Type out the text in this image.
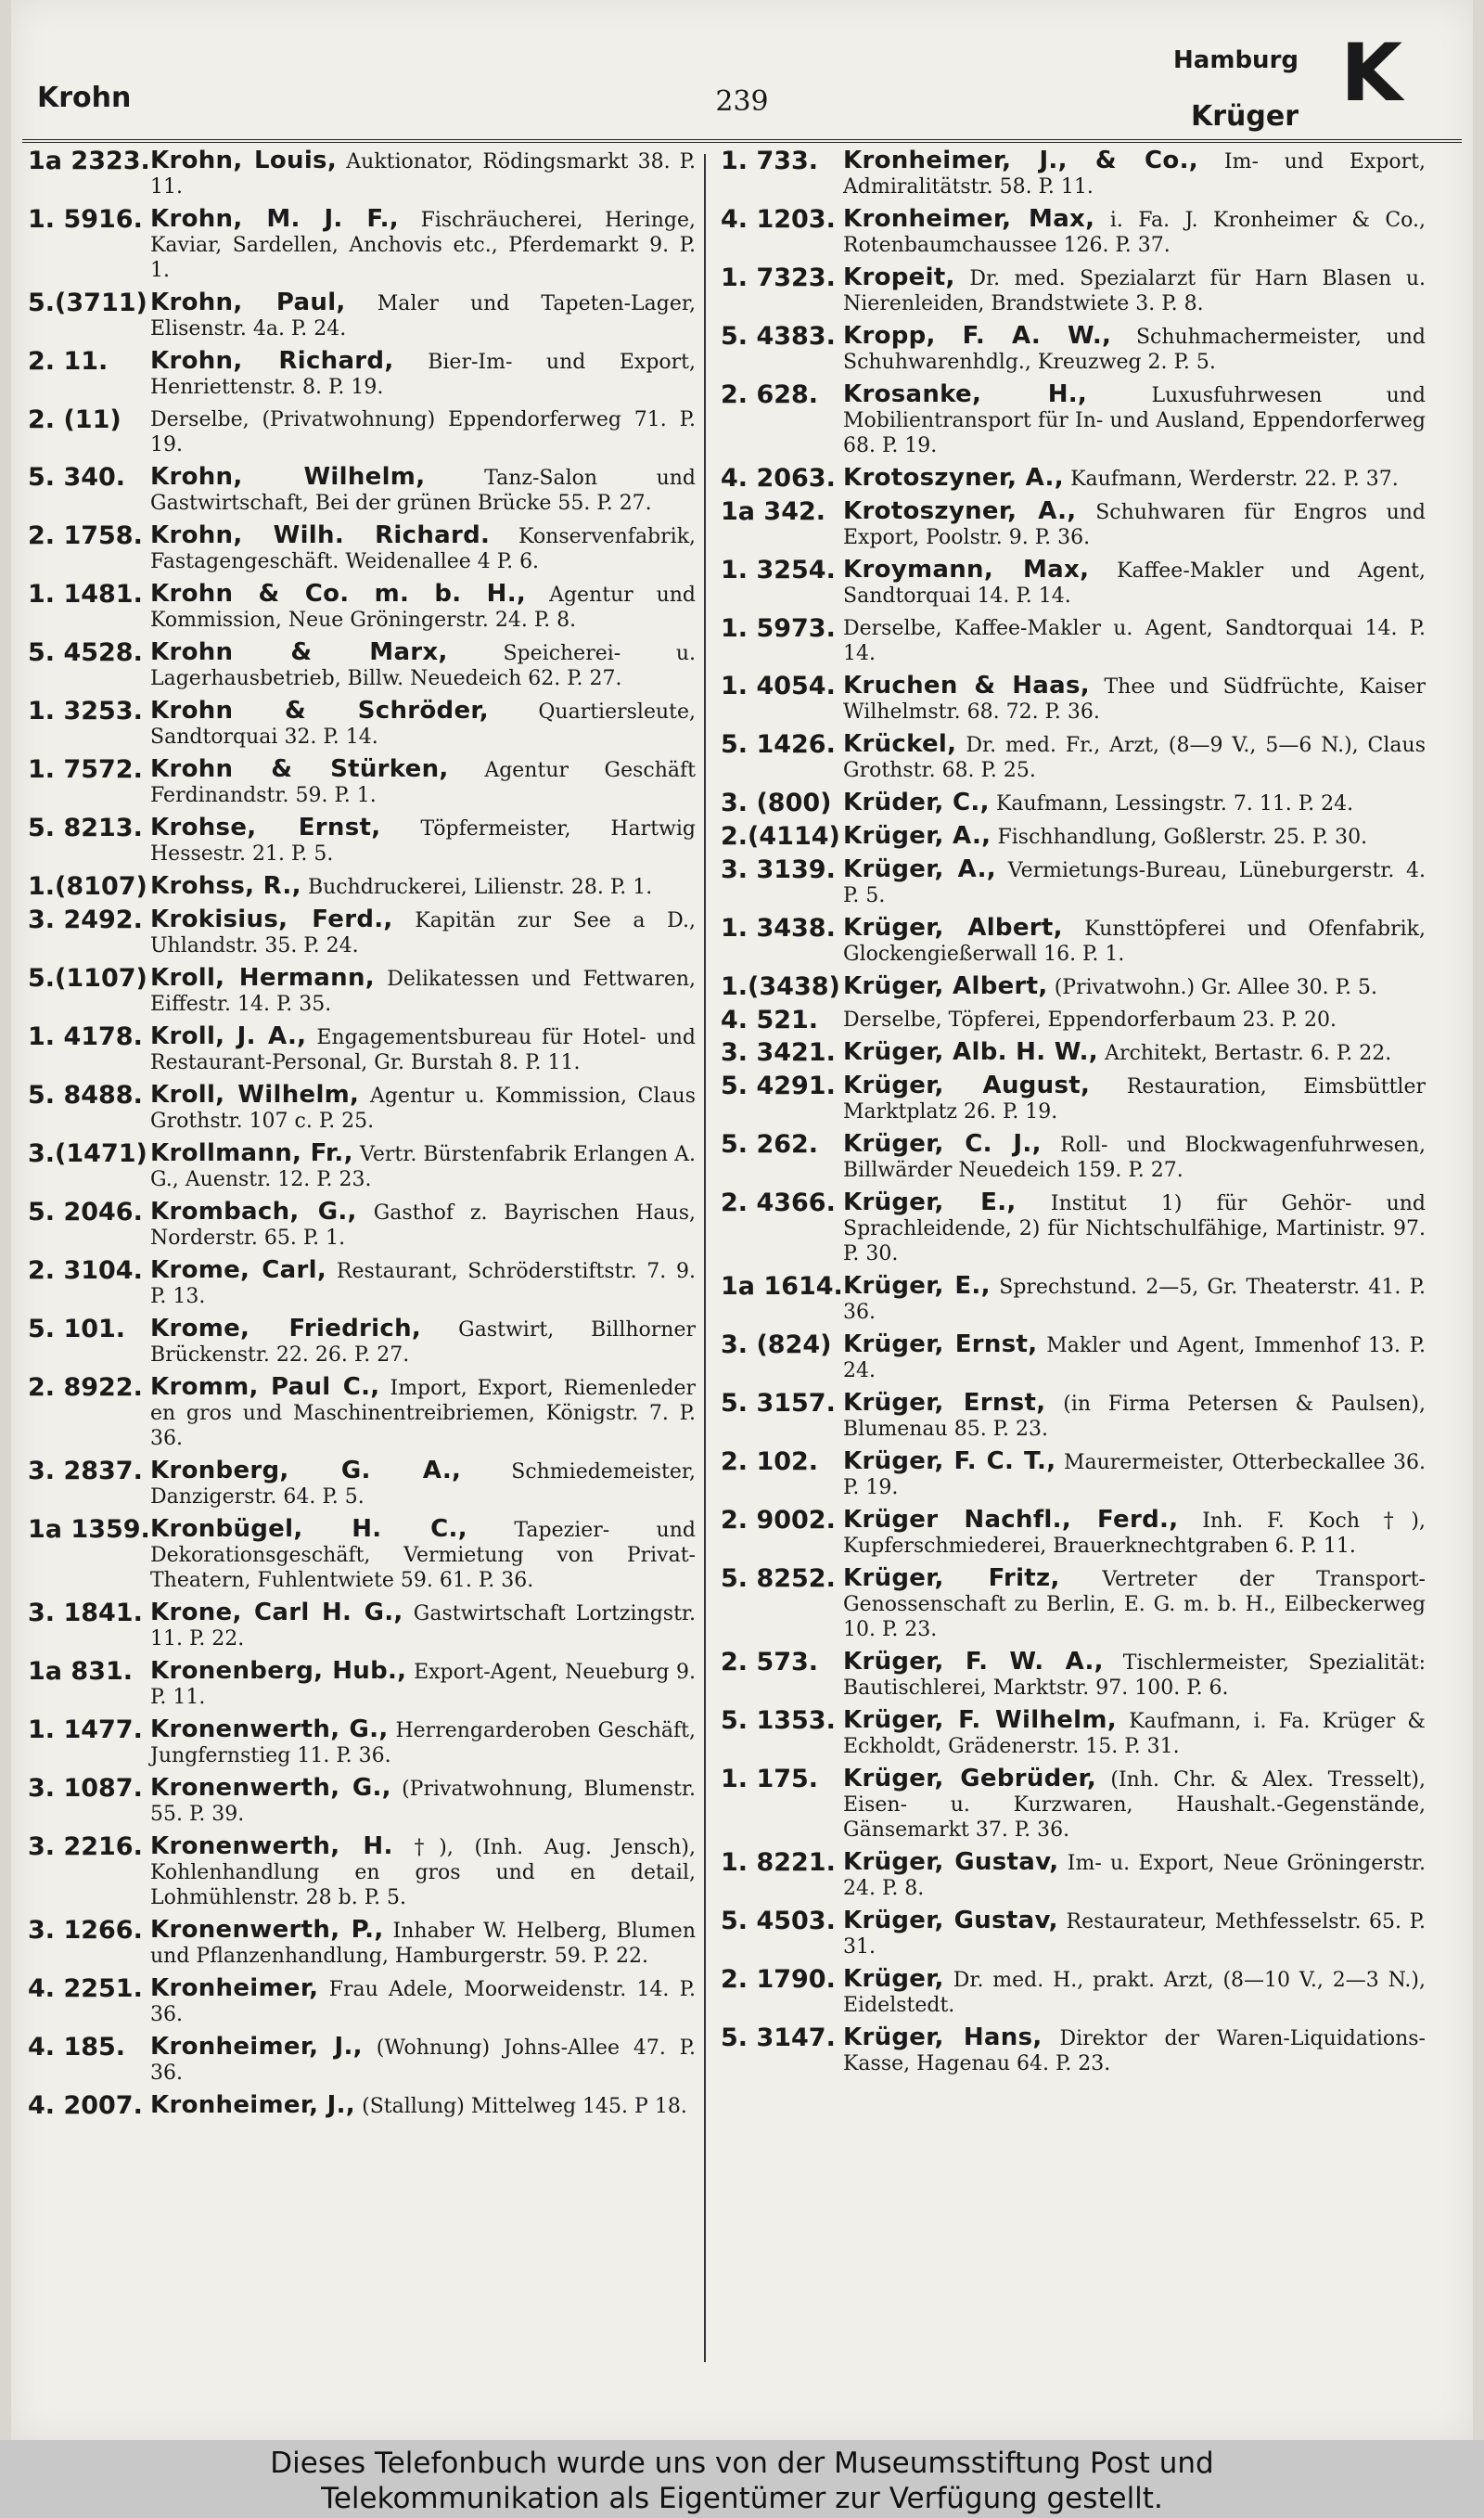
Krohn	239
Hamburg
Krüger K
1a 2323. Krohn, Louis, Auktionator, Rödingsmarkt 38. P. 11.
1. 5916. Krohn, M. J. F., Fischräucherei, Heringe, Kaviar, Sardellen, Anchovis etc., Pferdemarkt 9. P. 1.
5.(3711) Krohn, Paul, Maler und Tapeten-Lager, Elisenstr. 4a. P. 24.
2. 11.	Krohn, Richard, Bier-Im- und Export, Henriettenstr. 8. P. 19.
2. (11)	Derselbe, (Privatwohnung) Eppendorferweg 71. P. 19.
5. 340.	Krohn, Wilhelm,	Tanz-Salon und Gastwirtschaft, Bei der grünen Brücke 55. P. 27.
2. 1758. Krohn, Wilh. Richard. Konservenfabrik, Fastagengeschäft. Weidenallee 4 P. 6.
1. 1481. Krohn & Co. m. b. H., Agentur und Kommission, Neue Gröningerstr. 24. P. 8.
5. 4528. Krohn & Marx,	Speicherei- u. Lagerhausbetrieb, Billw. Neuedeich 62. P. 27.
1. 3253. Krohn & Schröder, Quartiersleute, Sandtorquai 32. P. 14.
1. 7572. Krohn & Stürken, Agentur Geschäft Ferdinandstr. 59. P. 1.
5. 8213. Krohse, Ernst, Töpfermeister, Hartwig Hessestr. 21. P. 5.
1.(8107) Krohss, R., Buchdruckerei, Lilienstr. 28. P. 1.
3. 2492. Krokisius, Ferd., Kapitän zur See a D., Uhlandstr. 35. P. 24.
5.(1107) Kroll, Hermann, Delikatessen und Fettwaren, Eiffestr. 14. P. 35.
1. 4178. Kroll, J. A., Engagementsbureau für Hotel- und Restaurant-Personal, Gr. Burstah 8. P. 11.
5. 8488. Kroll, Wilhelm, Agentur u. Kommission, Claus Grothstr. 107 c. P. 25.
3.(1471) Krollmann, Fr., Vertr. Bürstenfabrik Erlangen A. G., Auenstr. 12. P. 23.
5. 2046. Krombach, G., Gasthof z. Bayrischen Haus, Norderstr. 65. P. 1.
2. 3104. Krome, Carl, Restaurant, Schröderstiftstr. 7. 9. P. 13.
5. 101.	Krome, Friedrich, Gastwirt, Billhorner Brückenstr. 22. 26. P. 27.
2. 8922. Kromm, Paul C., Import, Export, Riemenleder en gros und Maschinentreibriemen, Königstr. 7. P. 36.
3. 2837. Kronberg, G. A., Schmiedemeister, Danzigerstr. 64. P. 5.
1a 1359. Kronbügel, H. C., Tapezier- und Dekorationsgeschäft, Vermietung von Privat-Theatern, Fuhlentwiete 59. 61. P. 36.
3. 1841. Krone, Carl H. G., Gastwirtschaft Lortzingstr. 11. P. 22.
1a 831. Kronenberg, Hub., Export-Agent, Neueburg 9. P. 11.
1. 1477. Kronenwerth, G., Herrengarderoben Geschäft, Jungfernstieg 11. P. 36.
3. 1087. Kronenwerth, G., (Privatwohnung, Blumenstr. 55. P. 39.
3. 2216. Kronenwerth, H. †), (Inh. Aug. Jensch), Kohlenhandlung en gros und en detail, Lohmühlenstr. 28 b. P. 5.
3. 1266. Kronenwerth, P., Inhaber W. Helberg, Blumen und Pflanzenhandlung, Hamburgerstr. 59. P. 22.
4. 2251. Kronheimer, Frau Adele, Moorweidenstr. 14. P. 36.
4. 185.	Kronheimer, J., (Wohnung) Johns-Allee 47. P. 36.
4. 2007. Kronheimer, J., (Stallung) Mittelweg 145. P 18.
1. 733.	Kronheimer, J., & Co., Im- und Export, Admiralitätstr. 58. P. 11.
4. 1203. Kronheimer, Max, i. Fa. J. Kronheimer & Co., Rotenbaumchaussee 126. P. 37.
1. 7323. Kropeit, Dr. med. Spezialarzt für Harn Blasen u. Nierenleiden, Brandstwiete 3. P. 8.
5. 4383. Kropp, F. A. W., Schuhmachermeister, und Schuhwarenhdlg., Kreuzweg 2. P. 5.
2. 628.	Krosanke, H.,	Luxusfuhrwesen und Mobilientransport für In- und Ausland, Eppendorferweg 68. P. 19.
4. 2063. Krotoszyner, A., Kaufmann, Werderstr. 22. P. 37.
1a 342. Krotoszyner, A., Schuhwaren für Engros und Export, Poolstr. 9. P. 36.
1. 3254. Kroymann, Max, Kaffee-Makler und Agent, Sandtorquai 14. P. 14.
1. 5973. Derselbe, Kaffee-Makler u. Agent, Sandtorquai 14. P. 14.
1. 4054. Kruchen & Haas, Thee und Südfrüchte, Kaiser Wilhelmstr. 68. 72. P. 36.
5. 1426. Krückel, Dr. med. Fr., Arzt, (8—9 V., 5—6 N.), Claus Grothstr. 68. P. 25.
3. (800) Krüder, C., Kaufmann, Lessingstr. 7. 11. P. 24.
2.(4114) Krüger, A., Fischhandlung, Goßlerstr. 25. P. 30.
3. 3139. Krüger, A., Vermietungs-Bureau, Lüneburgerstr. 4. P. 5.
1. 3438. Krüger, Albert, Kunsttöpferei und Ofenfabrik, Glockengießerwall 16. P. 1.
1.(3438) Krüger, Albert, (Privatwohn.) Gr. Allee 30. P. 5.
4. 521.	Derselbe, Töpferei, Eppendorferbaum 23. P. 20.
3. 3421. Krüger, Alb. H. W., Architekt, Bertastr. 6. P. 22.
5. 4291. Krüger, August, Restauration, Eimsbüttler Marktplatz 26. P. 19.
5. 262.	Krüger, C. J., Roll- und Blockwagenfuhrwesen, Billwärder Neuedeich 159. P. 27.
2. 4366. Krüger, E., Institut 1) für Gehör- und Sprachleidende, 2) für Nichtschulfähige, Martinistr. 97. P. 30.
1a 1614. Krüger, E., Sprechstund. 2—5, Gr. Theaterstr. 41. P. 36.
3. (824) Krüger, Ernst, Makler und Agent, Immenhof 13. P. 24.
5. 3157. Krüger, Ernst, (in Firma Petersen & Paulsen), Blumenau 85. P. 23.
2. 102.	Krüger, F. C. T., Maurermeister, Otterbeckallee 36. P. 19.
2. 9002. Krüger Nachfl., Ferd., Inh. F. Koch †), Kupferschmiederei, Brauerknechtgraben 6. P. 11.
5. 8252. Krüger, Fritz, Vertreter der Transport-Genossenschaft zu Berlin, E. G. m. b. H., Eilbeckerweg 10. P. 23.
2. 573.	Krüger, F. W. A., Tischlermeister, Spezialität: Bautischlerei, Marktstr. 97. 100. P. 6.
5. 1353. Krüger, F. Wilhelm, Kaufmann, i. Fa. Krüger & Eckholdt, Grädenerstr. 15. P. 31.
1. 175.	Krüger, Gebrüder, (Inh. Chr. & Alex. Tresselt), Eisen- u. Kurzwaren, Haushalt.-Gegenstände, Gänsemarkt 37. P. 36.
1. 8221. Krüger, Gustav, Im- u. Export, Neue Gröningerstr. 24. P. 8.
5. 4503. Krüger, Gustav, Restaurateur, Methfesselstr. 65. P. 31.
2. 1790. Krüger, Dr. med. H., prakt. Arzt, (8—10 V., 2—3 N.), Eidelstedt.
5. 3147. Krüger, Hans, Direktor der Waren-Liquidations-Kasse, Hagenau 64. P. 23.
Dieses Telefonbuch wurde uns von der Museumsstiftung Post und
Telekommunikation als Eigentümer zur Verfügung gestellt.
